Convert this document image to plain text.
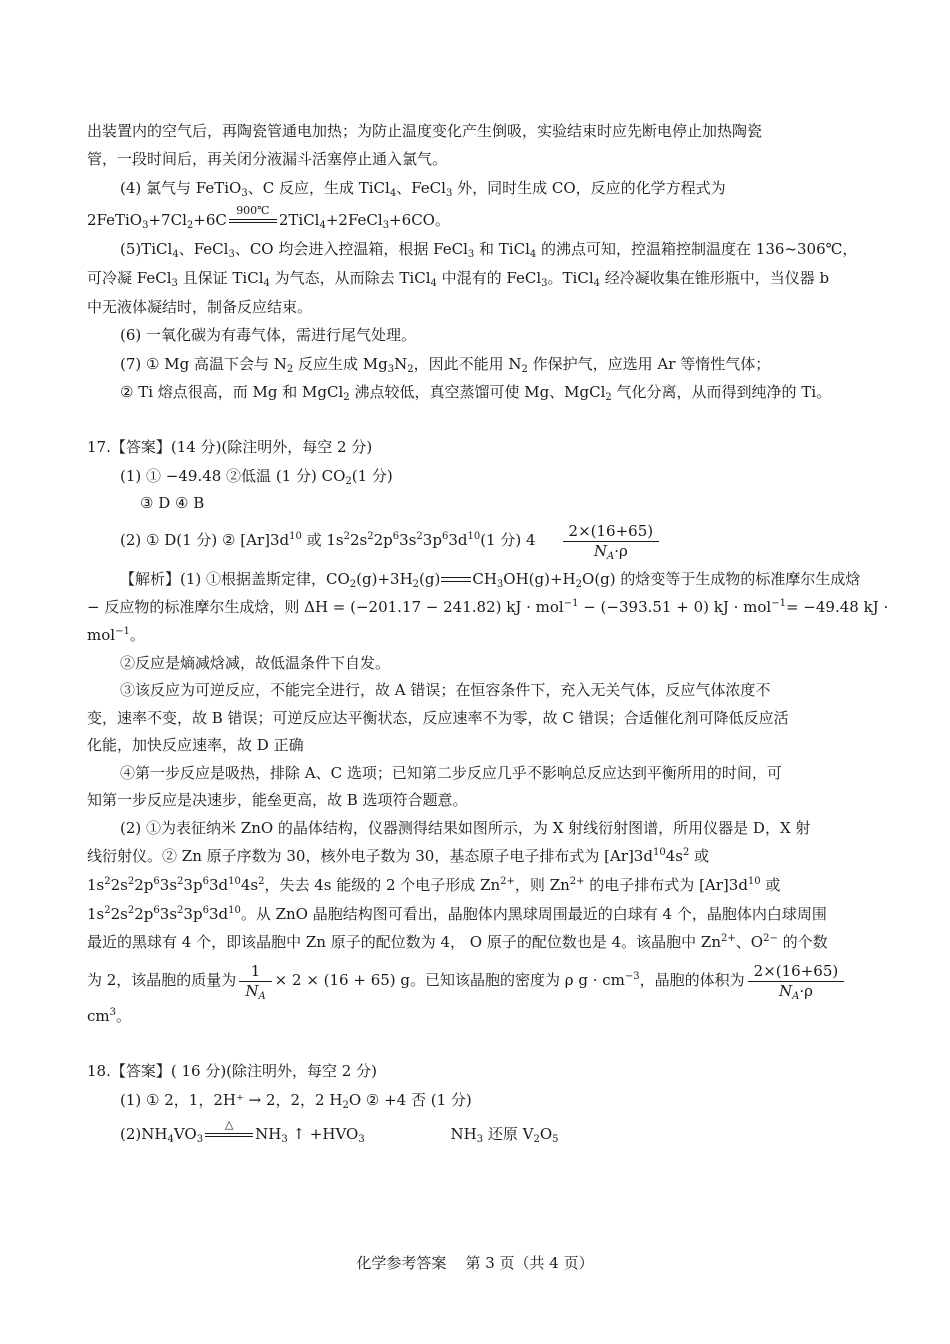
出装置内的空气后，再陶瓷管通电加热；为防止温度变化产生倒吸，实验结束时应先断电停止加热陶瓷
管，一段时间后，再关闭分液漏斗活塞停止通入氯气。
(4) 氯气与 FeTiO$_3$、C 反应，生成 TiCl$_4$、FeCl$_3$ 外，同时生成 CO，反应的化学方程式为
$2FeTiO_3+7Cl_2+6C$
900℃
2TiCl$_4$+2FeCl$_3$+6CO。
(5)TiCl$_4$、FeCl$_3$、CO 均会进入控温箱，根据 FeCl$_3$ 和 TiCl$_4$ 的沸点可知，控温箱控制温度在 136~306℃，
可冷凝 FeCl$_3$ 且保证 TiCl$_4$ 为气态，从而除去 TiCl$_4$ 中混有的 FeCl$_3$。TiCl$_4$ 经冷凝收集在锥形瓶中，当仪器 b
中无液体凝结时，制备反应结束。
(6) 一氧化碳为有毒气体，需进行尾气处理。
(7) ① Mg 高温下会与 $N_2$ 反应生成 $Mg_3N_2$，因此不能用 $N_2$ 作保护气，应选用 Ar 等惰性气体；
② Ti 熔点很高，而 Mg 和 MgCl$_2$ 沸点较低，真空蒸馏可使 Mg、MgCl$_2$ 气化分离，从而得到纯净的 Ti。
17.【答案】(14 分)(除注明外，每空 2 分)
(1) ① −49.48 ②低温 (1 分) $CO_2(1$ 分)
③ D ④ B
(2) ① D(1 分) ② $[Ar]3d^{10}$ 或 $1s^22s^22p^63s^23p^63d^{10}(1$ 分) $4 \frac{2\times(16+65)}{N_A\cdot\rho}$
【解析】(1) ①根据盖斯定律，$CO_2(g)+3H_2(g)$ $CH_3OH(g)+H_2O(g)$ 的焓变等于生成物的标准摩尔生成焓
− 反应物的标准摩尔生成焓，则 ΔH = (−201.17 − 241.82) kJ · mol$^{-1}$ − (−393.51 + 0) kJ · mol$^{-1}$= −49.48 kJ ·
mol$^{-1}$。
②反应是熵减焓减，故低温条件下自发。
③该反应为可逆反应，不能完全进行，故 A 错误；在恒容条件下，充入无关气体，反应气体浓度不
变，速率不变，故 B 错误；可逆反应达平衡状态，反应速率不为零，故 C 错误；合适催化剂可降低反应活
化能，加快反应速率，故 D 正确
④第一步反应是吸热，排除 A、C 选项；已知第二步反应几乎不影响总反应达到平衡所用的时间，可
知第一步反应是决速步，能垒更高，故 B 选项符合题意。
(2) ①为表征纳米 ZnO 的晶体结构，仪器测得结果如图所示，为 X 射线衍射图谱，所用仪器是 D，X 射
线衍射仪。② Zn 原子序数为 30，核外电子数为 30，基态原子电子排布式为 $[Ar]3d^{10}4s^2$ 或
$1s^22s^22p^63s^23p^63d^{10}4s^2$，失去 4s 能级的 2 个电子形成 $Zn^{2+}$，则 $Zn^{2+}$ 的电子排布式为 $[Ar]3d^{10}$ 或
$1s^22s^22p^63s^23p^63d^{10}$。从 ZnO 晶胞结构图可看出，晶胞体内黑球周围最近的白球有 4 个，晶胞体内白球周围
最近的黑球有 4 个，即该晶胞中 Zn 原子的配位数为 4， O 原子的配位数也是 4。该晶胞中 $Zn^{2+}$、$O^{2-}$ 的个数
为 2，该晶胞的质量为 $\frac{1}{N_A} \times 2 \times (16 + 65)$ g。已知该晶胞的密度为 ρ $g \cdot cm^{-3}$，晶胞的体积为 $\frac{2\times(16+65)}{N_A\cdot\rho}$
$cm^3$。
18.【答案】( 16 分)(除注明外，每空 2 分)
(1) ① 2，1，2H⁺ → 2，2，2 $H_2O$ ② +4 否 (1 分)
$(2)NH_4VO_3$
△
$NH_3$ ↑ $+HVO_3$                  $NH_3$ 还原 $V_2O_5$
化学参考答案    第 3 页（共 4 页）
